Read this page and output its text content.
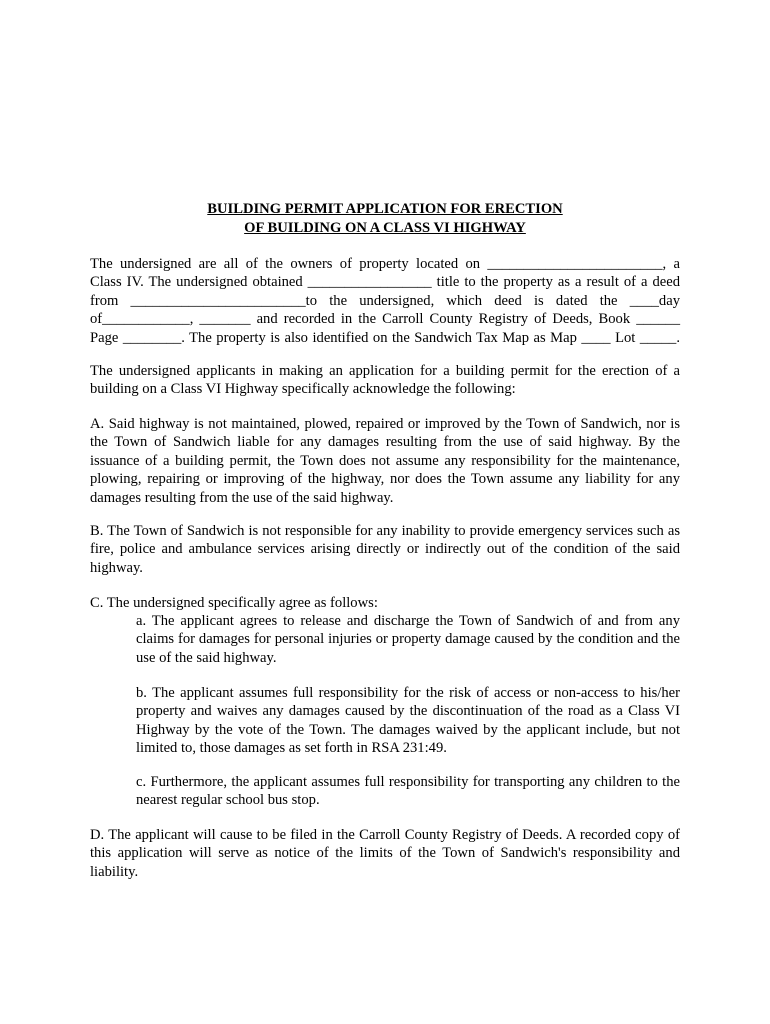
BUILDING PERMIT APPLICATION FOR ERECTION
OF BUILDING ON A CLASS VI HIGHWAY
The undersigned are all of the owners of property located on ________________________, a
Class IV. The undersigned obtained _________________ title to the property as a result of a deed
from ________________________to the undersigned, which deed is dated the ____day
of____________, _______ and recorded in the Carroll County Registry of Deeds, Book ______
Page ________. The property is also identified on the Sandwich Tax Map as Map ____ Lot _____.

The undersigned applicants in making an application for a building permit for the erection of a building on a Class VI Highway specifically acknowledge the following:

A. Said highway is not maintained, plowed, repaired or improved by the Town of Sandwich, nor is the Town of Sandwich liable for any damages resulting from the use of said highway. By the issuance of a building permit, the Town does not assume any responsibility for the maintenance, plowing, repairing or improving of the highway, nor does the Town assume any liability for any damages resulting from the use of the said highway.

B. The Town of Sandwich is not responsible for any inability to provide emergency services such as fire, police and ambulance services arising directly or indirectly out of the condition of the said highway.

C. The undersigned specifically agree as follows:

a. The applicant agrees to release and discharge the Town of Sandwich of and from any claims for damages for personal injuries or property damage caused by the condition and the use of the said highway.

b. The applicant assumes full responsibility for the risk of access or non-access to his/her property and waives any damages caused by the discontinuation of the road as a Class VI Highway by the vote of the Town. The damages waived by the applicant include, but not limited to, those damages as set forth in RSA 231:49.

c. Furthermore, the applicant assumes full responsibility for transporting any children to the nearest regular school bus stop.

D. The applicant will cause to be filed in the Carroll County Registry of Deeds. A recorded copy of this application will serve as notice of the limits of the Town of Sandwich's responsibility and liability.
